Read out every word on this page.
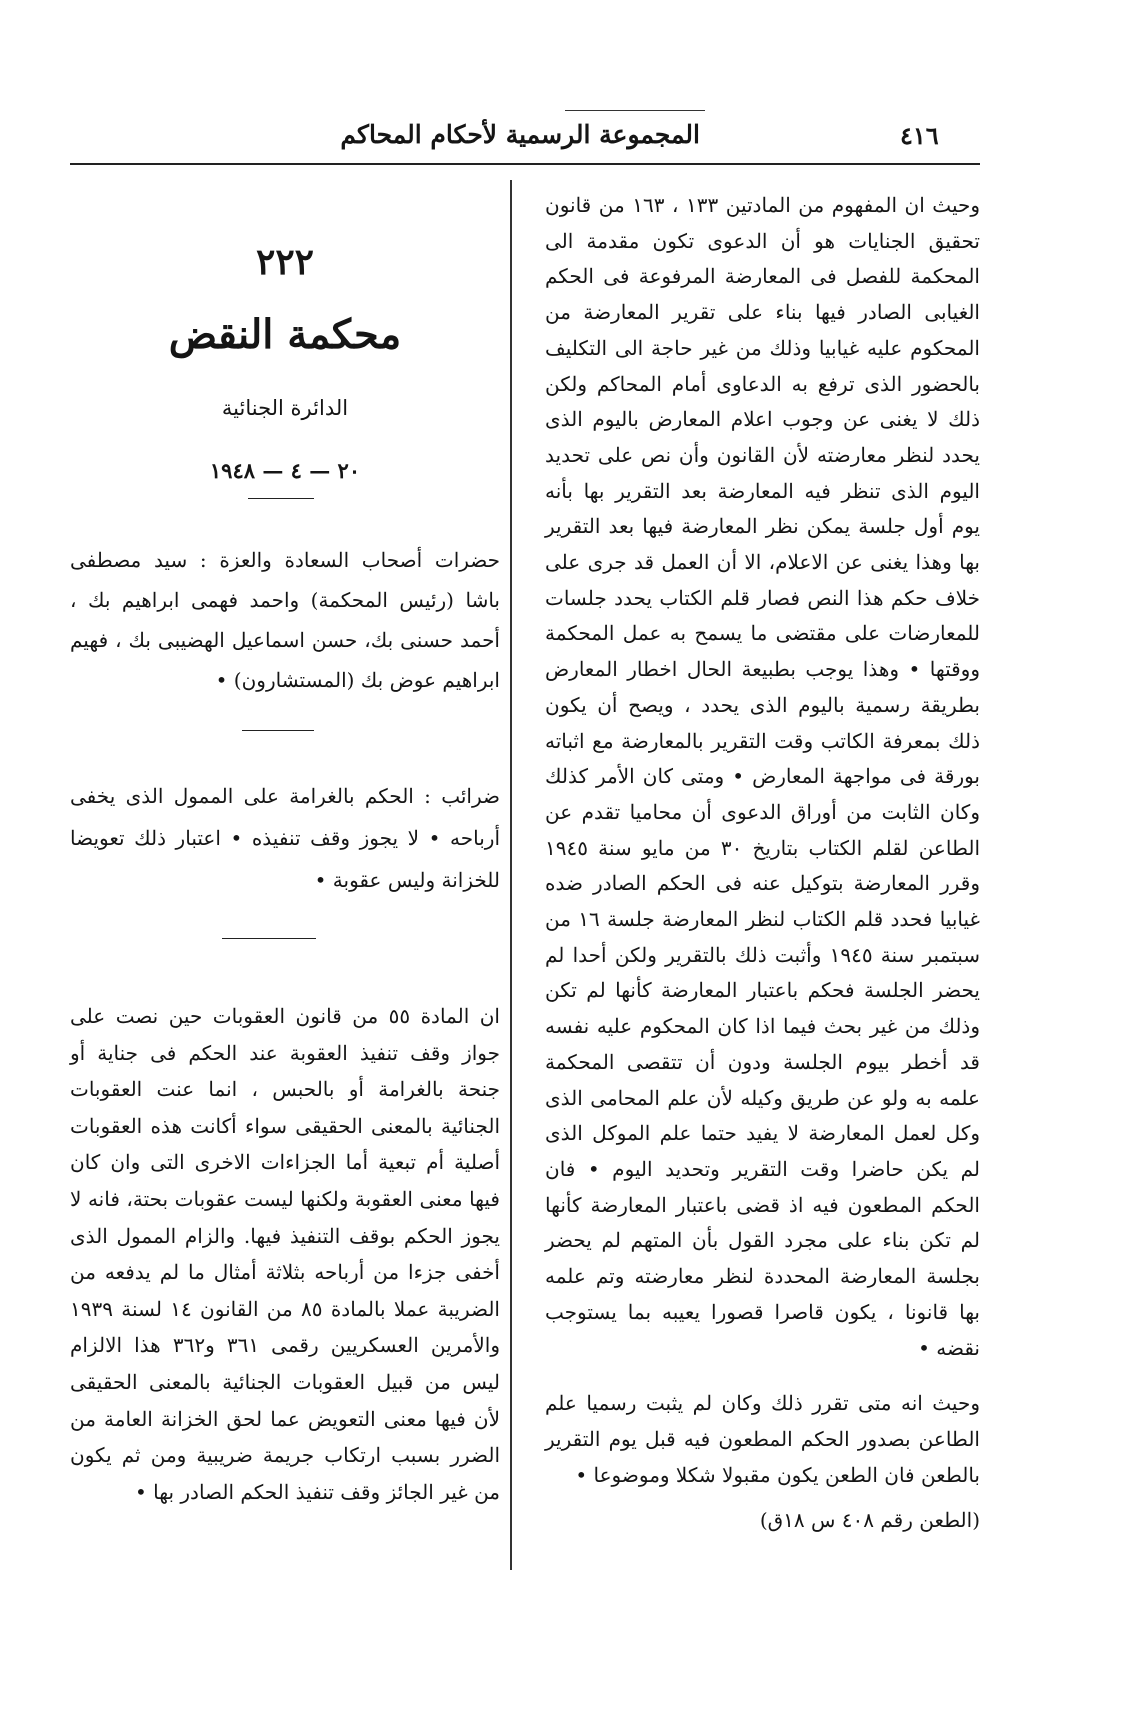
٤١٦
المجموعة الرسمية لأحكام المحاكم

وحيث ان المفهوم من المادتين ١٣٣ ، ١٦٣ من قانون تحقيق الجنايات هو أن الدعوى تكون مقدمة الى المحكمة للفصل فى المعارضة المرفوعة فى الحكم الغيابى الصادر فيها بناء على تقرير المعارضة من المحكوم عليه غيابيا وذلك من غير حاجة الى التكليف بالحضور الذى ترفع به الدعاوى أمام المحاكم ولكن ذلك لا يغنى عن وجوب اعلام المعارض باليوم الذى يحدد لنظر معارضته لأن القانون وأن نص على تحديد اليوم الذى تنظر فيه المعارضة بعد التقرير بها بأنه يوم أول جلسة يمكن نظر المعارضة فيها بعد التقرير بها وهذا يغنى عن الاعلام، الا أن العمل قد جرى على خلاف حكم هذا النص فصار قلم الكتاب يحدد جلسات للمعارضات على مقتضى ما يسمح به عمل المحكمة ووقتها • وهذا يوجب بطبيعة الحال اخطار المعارض بطريقة رسمية باليوم الذى يحدد ، ويصح أن يكون ذلك بمعرفة الكاتب وقت التقرير بالمعارضة مع اثباته بورقة فى مواجهة المعارض • ومتى كان الأمر كذلك وكان الثابت من أوراق الدعوى أن محاميا تقدم عن الطاعن لقلم الكتاب بتاريخ ٣٠ من مايو سنة ١٩٤٥ وقرر المعارضة بتوكيل عنه فى الحكم الصادر ضده غيابيا فحدد قلم الكتاب لنظر المعارضة جلسة ١٦ من سبتمبر سنة ١٩٤٥ وأثبت ذلك بالتقرير ولكن أحدا لم يحضر الجلسة فحكم باعتبار المعارضة كأنها لم تكن وذلك من غير بحث فيما اذا كان المحكوم عليه نفسه قد أخطر بيوم الجلسة ودون أن تتقصى المحكمة علمه به ولو عن طريق وكيله لأن علم المحامى الذى وكل لعمل المعارضة لا يفيد حتما علم الموكل الذى لم يكن حاضرا وقت التقرير وتحديد اليوم • فان الحكم المطعون فيه اذ قضى باعتبار المعارضة كأنها لم تكن بناء على مجرد القول بأن المتهم لم يحضر بجلسة المعارضة المحددة لنظر معارضته وتم علمه بها قانونا ، يكون قاصرا قصورا يعيبه بما يستوجب نقضه •

وحيث انه متى تقرر ذلك وكان لم يثبت رسميا علم الطاعن بصدور الحكم المطعون فيه قبل يوم التقرير بالطعن فان الطعن يكون مقبولا شكلا وموضوعا •

(الطعن رقم ٤٠٨ س ١٨ق)

٢٢٢
محكمة النقض
الدائرة الجنائية
٢٠ — ٤ — ١٩٤٨

حضرات أصحاب السعادة والعزة : سيد مصطفى باشا (رئيس المحكمة) واحمد فهمى ابراهيم بك ، أحمد حسنى بك، حسن اسماعيل الهضيبى بك ، فهيم ابراهيم عوض بك (المستشارون) •

ضرائب : الحكم بالغرامة على الممول الذى يخفى أرباحه • لا يجوز وقف تنفيذه • اعتبار ذلك تعويضا للخزانة وليس عقوبة •

ان المادة ٥٥ من قانون العقوبات حين نصت على جواز وقف تنفيذ العقوبة عند الحكم فى جناية أو جنحة بالغرامة أو بالحبس ، انما عنت العقوبات الجنائية بالمعنى الحقيقى سواء أكانت هذه العقوبات أصلية أم تبعية أما الجزاءات الاخرى التى وان كان فيها معنى العقوبة ولكنها ليست عقوبات بحتة، فانه لا يجوز الحكم بوقف التنفيذ فيها. والزام الممول الذى أخفى جزءا من أرباحه بثلاثة أمثال ما لم يدفعه من الضريبة عملا بالمادة ٨٥ من القانون ١٤ لسنة ١٩٣٩ والأمرين العسكريين رقمى ٣٦١ و٣٦٢ هذا الالزام ليس من قبيل العقوبات الجنائية بالمعنى الحقيقى لأن فيها معنى التعويض عما لحق الخزانة العامة من الضرر بسبب ارتكاب جريمة ضريبية ومن ثم يكون من غير الجائز وقف تنفيذ الحكم الصادر بها •
